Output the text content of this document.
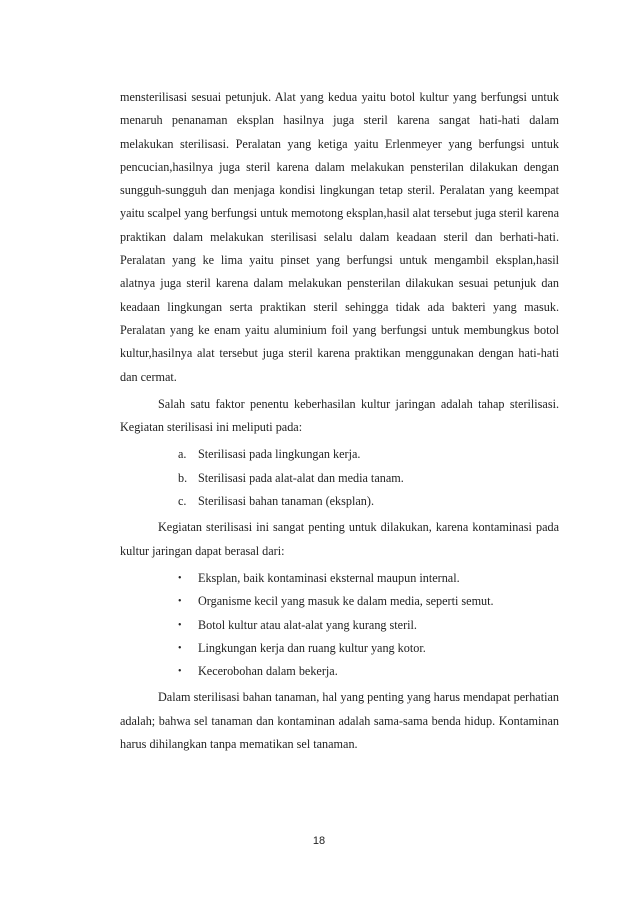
mensterilisasi sesuai petunjuk. Alat yang kedua yaitu botol kultur yang berfungsi untuk menaruh penanaman eksplan hasilnya juga steril karena sangat hati-hati dalam melakukan sterilisasi. Peralatan yang ketiga yaitu Erlenmeyer yang berfungsi untuk pencucian,hasilnya juga steril karena dalam melakukan pensterilan dilakukan dengan sungguh-sungguh dan menjaga kondisi lingkungan tetap steril. Peralatan yang keempat yaitu scalpel yang berfungsi untuk memotong eksplan,hasil alat tersebut juga steril karena praktikan dalam melakukan sterilisasi selalu dalam keadaan steril dan berhati-hati. Peralatan yang ke lima yaitu pinset yang berfungsi untuk mengambil eksplan,hasil alatnya juga steril karena dalam melakukan pensterilan dilakukan sesuai petunjuk dan keadaan lingkungan serta praktikan steril sehingga tidak ada bakteri yang masuk. Peralatan yang ke enam yaitu aluminium foil yang berfungsi untuk membungkus botol kultur,hasilnya alat tersebut juga steril karena praktikan menggunakan dengan hati-hati dan cermat.

Salah satu faktor penentu keberhasilan kultur jaringan adalah tahap sterilisasi. Kegiatan sterilisasi ini meliputi pada:

a. Sterilisasi pada lingkungan kerja.
b. Sterilisasi pada alat-alat dan media tanam.
c. Sterilisasi bahan tanaman (eksplan).

Kegiatan sterilisasi ini sangat penting untuk dilakukan, karena kontaminasi pada kultur jaringan dapat berasal dari:

•	Eksplan, baik kontaminasi eksternal maupun internal.
•	Organisme kecil yang masuk ke dalam media, seperti semut.
•	Botol kultur atau alat-alat yang kurang steril.
•	Lingkungan kerja dan ruang kultur yang kotor.
•	Kecerobohan dalam bekerja.

Dalam sterilisasi bahan tanaman, hal yang penting yang harus mendapat perhatian adalah; bahwa sel tanaman dan kontaminan adalah sama-sama benda hidup. Kontaminan harus dihilangkan tanpa mematikan sel tanaman.

18
